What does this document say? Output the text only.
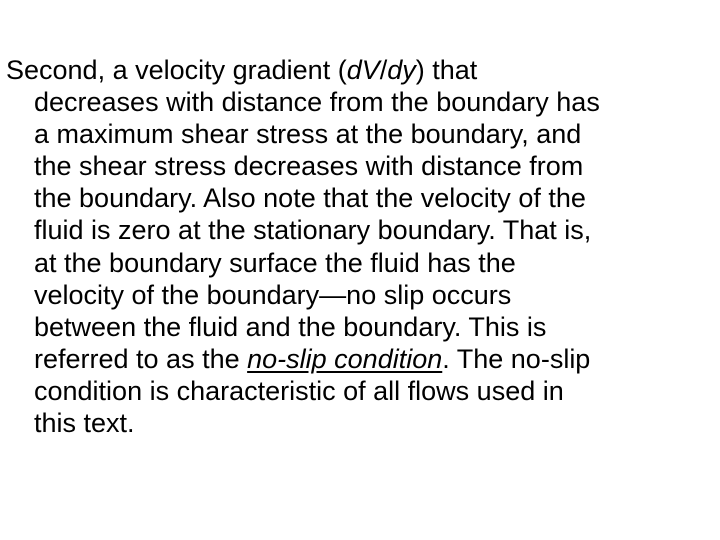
Second, a velocity gradient (dV/dy) that
decreases with distance from the boundary has
a maximum shear stress at the boundary, and
the shear stress decreases with distance from
the boundary. Also note that the velocity of the
fluid is zero at the stationary boundary. That is,
at the boundary surface the fluid has the
velocity of the boundary—no slip occurs
between the fluid and the boundary. This is
referred to as the no-slip condition. The no-slip
condition is characteristic of all flows used in
this text.
